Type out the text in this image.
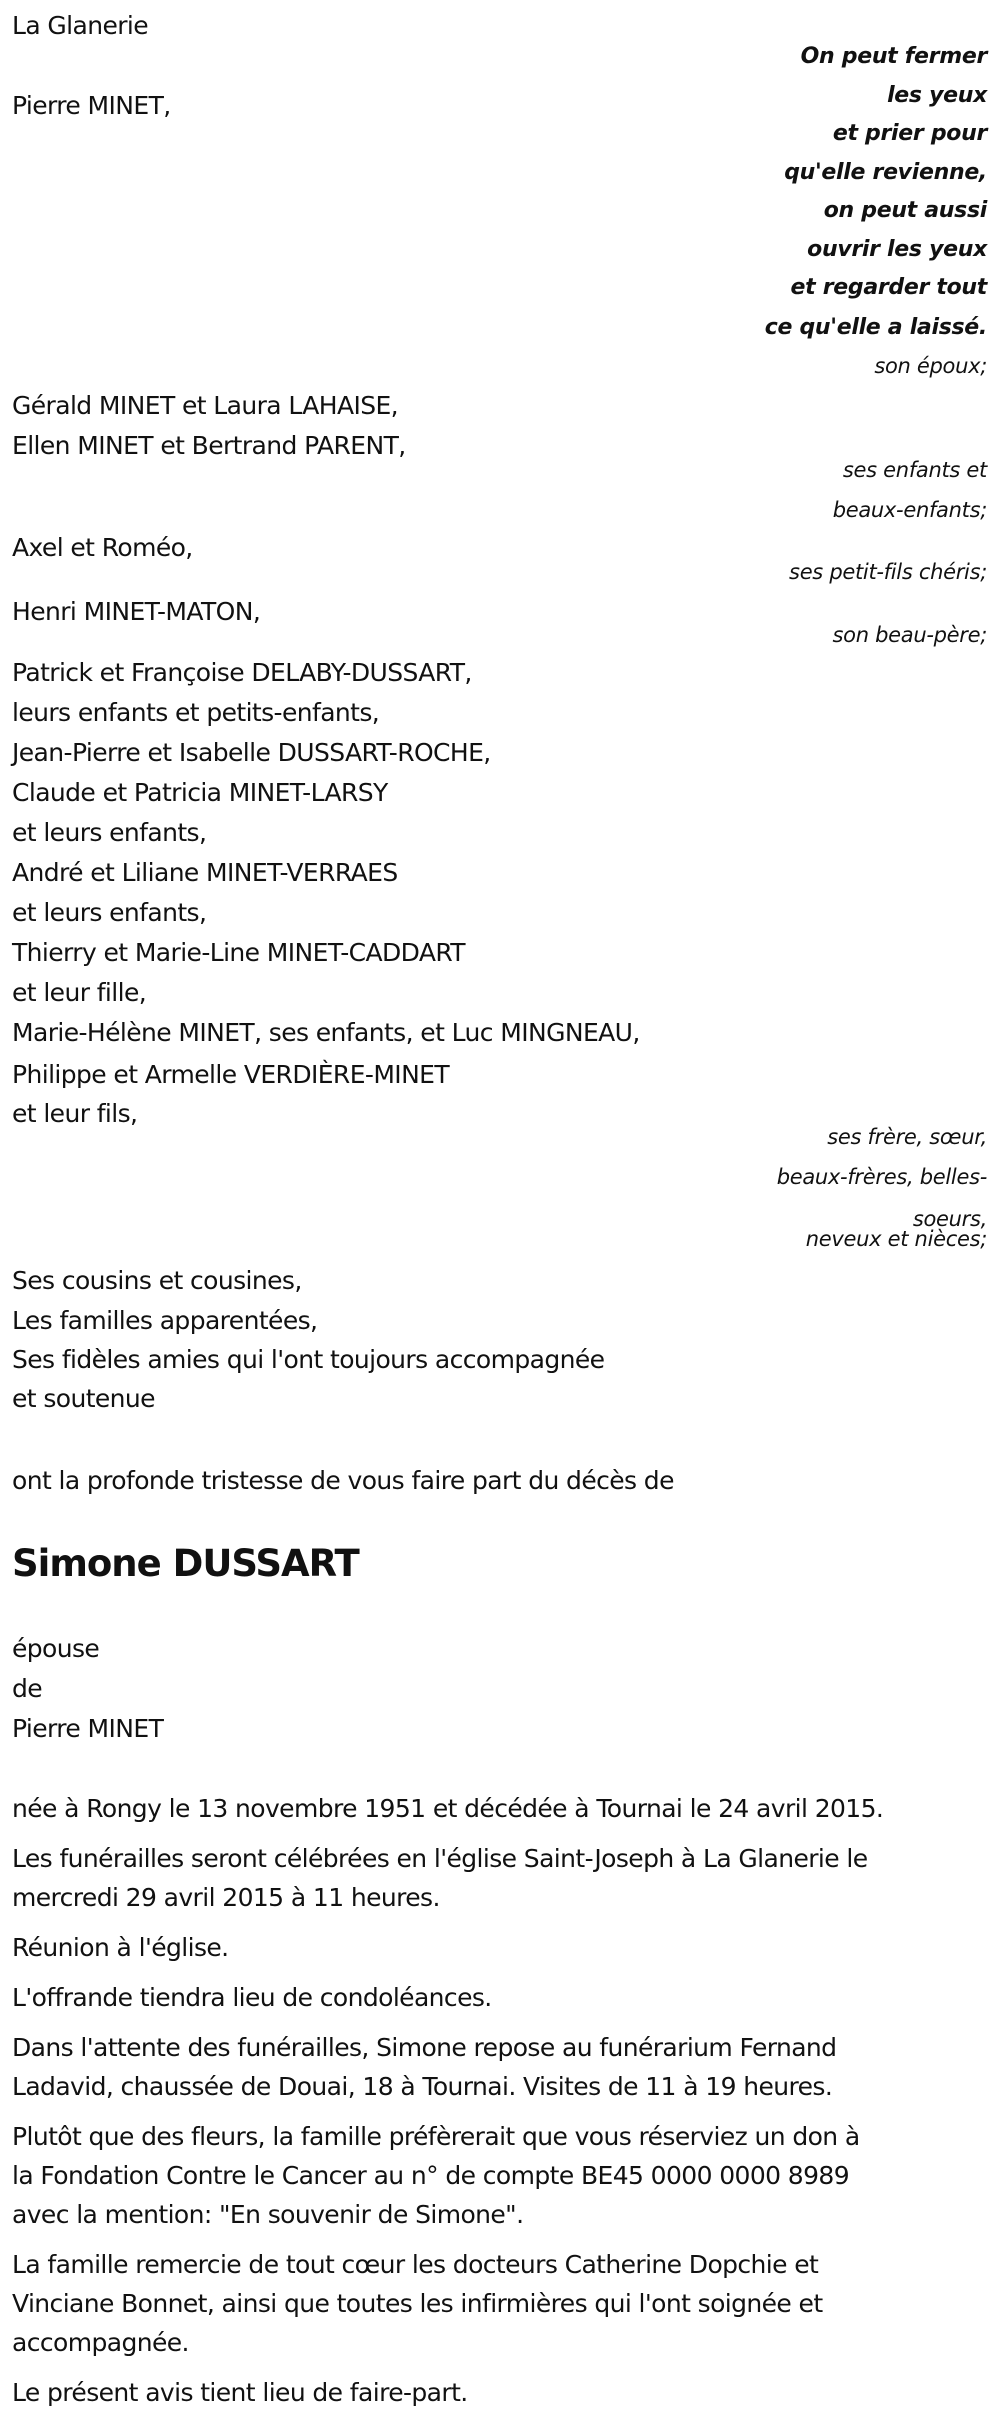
La Glanerie
Pierre MINET,
On peut fermer
les yeux
et prier pour
qu'elle revienne,
on peut aussi
ouvrir les yeux
et regarder tout
ce qu'elle a laissé.
son époux;
ses enfants et
beaux-enfants;
ses petit-fils chéris;
son beau-père;
ses frère, sœur,
beaux-frères, belles-
soeurs,
neveux et nièces;
Gérald MINET et Laura LAHAISE,
Ellen MINET et Bertrand PARENT,
Axel et Roméo,
Henri MINET-MATON,
Patrick et Françoise DELABY-DUSSART,
leurs enfants et petits-enfants,
Jean-Pierre et Isabelle DUSSART-ROCHE,
Claude et Patricia MINET-LARSY
et leurs enfants,
André et Liliane MINET-VERRAES
et leurs enfants,
Thierry et Marie-Line MINET-CADDART
et leur fille,
Marie-Hélène MINET, ses enfants, et Luc MINGNEAU,
Philippe et Armelle VERDIÈRE-MINET
et leur fils,
Ses cousins et cousines,
Les familles apparentées,
Ses fidèles amies qui l'ont toujours accompagnée
et soutenue
ont la profonde tristesse de vous faire part du décès de
Simone DUSSART
épouse
de
Pierre MINET
née à Rongy le 13 novembre 1951 et décédée à Tournai le 24 avril 2015.
Les funérailles seront célébrées en l'église Saint-Joseph à La Glanerie le
mercredi 29 avril 2015 à 11 heures.
Réunion à l'église.
L'offrande tiendra lieu de condoléances.
Dans l'attente des funérailles, Simone repose au funérarium Fernand
Ladavid, chaussée de Douai, 18 à Tournai. Visites de 11 à 19 heures.
Plutôt que des fleurs, la famille préfèrerait que vous réserviez un don à
la Fondation Contre le Cancer au n° de compte BE45 0000 0000 8989
avec la mention: "En souvenir de Simone".
La famille remercie de tout cœur les docteurs Catherine Dopchie et
Vinciane Bonnet, ainsi que toutes les infirmières qui l'ont soignée et
accompagnée.
Le présent avis tient lieu de faire-part.
